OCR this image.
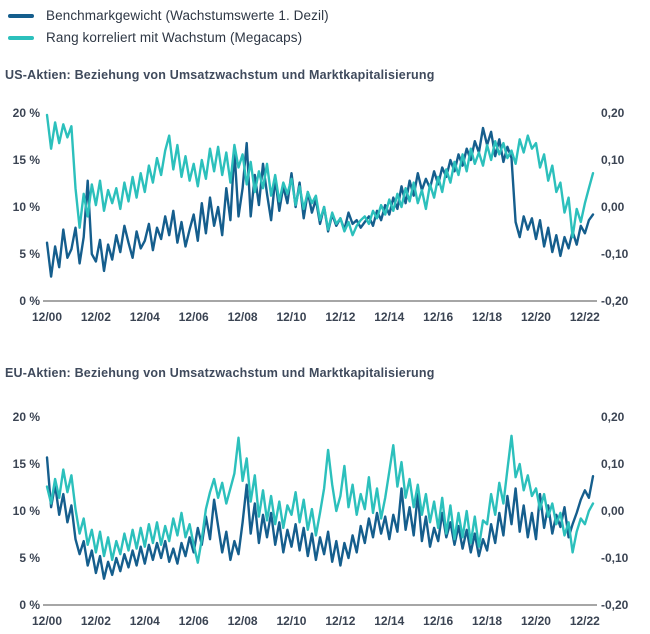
Benchmarkgewicht (Wachstumswerte 1. Dezil)
Rang korreliert mit Wachstum (Megacaps)
US-Aktien: Beziehung von Umsatzwachstum und Marktkapitalisierung
0 %	-0,20
5 %	-0,10
10 %	0,00
15 %	0,10
20 %	0,20
12/00 12/02 12/04 12/06 12/08 12/10 12/12 12/14 12/16 12/18 12/20 12/22
EU-Aktien: Beziehung von Umsatzwachstum und Marktkapitalisierung
0 %	-0,20
5 %	-0,10
10 %	0,00
15 %	0,10
20 %	0,20
12/00 12/02 12/04 12/06 12/08 12/10 12/12 12/14 12/16 12/18 12/20 12/22
